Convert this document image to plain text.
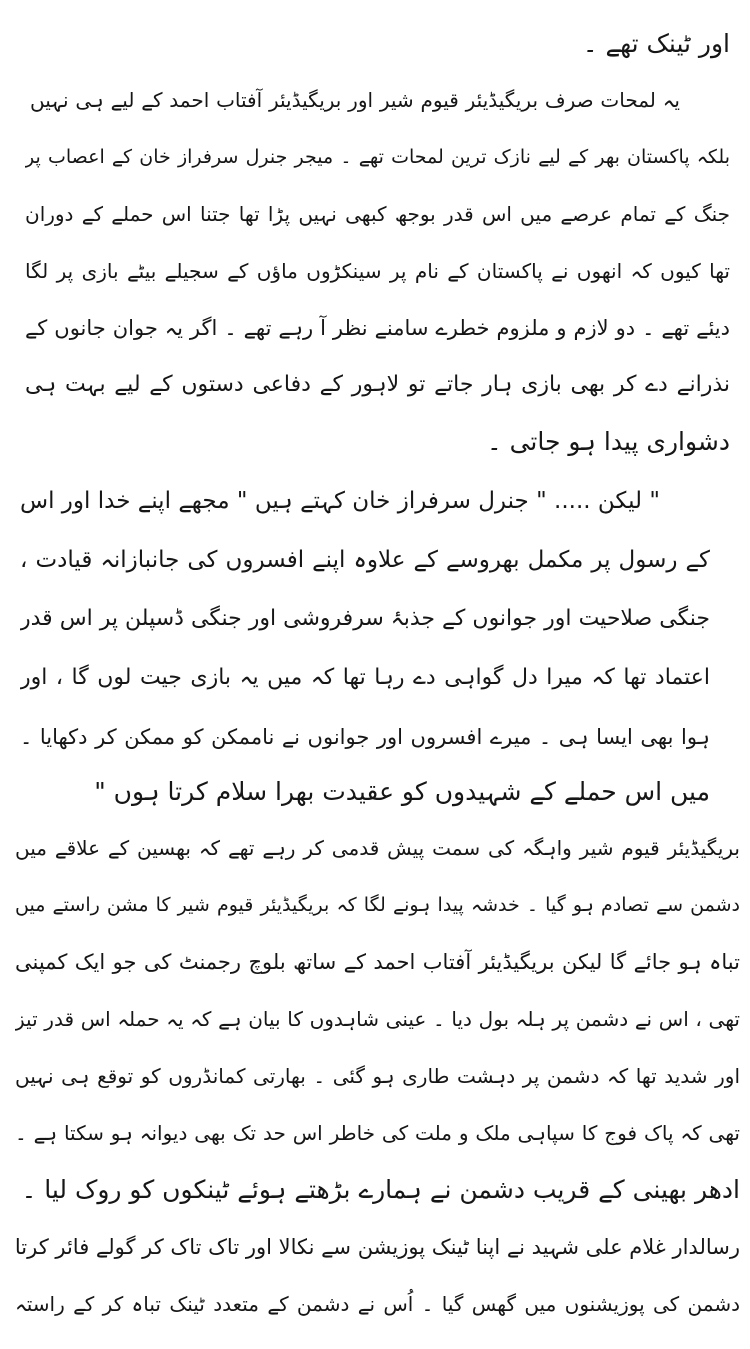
اور ٹینک تھے ۔
یہ لمحات صرف بریگیڈیئر قیوم شیر اور بریگیڈیئر آفتاب احمد کے لیے ہی نہیں
بلکہ پاکستان بھر کے لیے نازک ترین لمحات تھے ۔ میجر جنرل سرفراز خان کے اعصاب پر
جنگ کے تمام عرصے میں اس قدر بوجھ کبھی نہیں پڑا تھا جتنا اس حملے کے دوران
تھا کیوں کہ انھوں نے پاکستان کے نام پر سینکڑوں ماؤں کے سجیلے بیٹے بازی پر لگا
دیئے تھے ۔ دو لازم و ملزوم خطرے سامنے نظر آ رہے تھے ۔ اگر یہ جوان جانوں کے
نذرانے دے کر بھی بازی ہار جاتے تو لاہور کے دفاعی دستوں کے لیے بہت ہی
دشواری پیدا ہو جاتی ۔
" لیکن ..... " جنرل سرفراز خان کہتے ہیں " مجھے اپنے خدا اور اس
کے رسول پر مکمل بھروسے کے علاوہ اپنے افسروں کی جانبازانہ قیادت ،
جنگی صلاحیت اور جوانوں کے جذبۂ سرفروشی اور جنگی ڈسپلن پر اس قدر
اعتماد تھا کہ میرا دل گواہی دے رہا تھا کہ میں یہ بازی جیت لوں گا ، اور
ہوا بھی ایسا ہی ۔ میرے افسروں اور جوانوں نے ناممکن کو ممکن کر دکھایا ۔
میں اس حملے کے شہیدوں کو عقیدت بھرا سلام کرتا ہوں "
بریگیڈیئر قیوم شیر واہگہ کی سمت پیش قدمی کر رہے تھے کہ بھسین کے علاقے میں
دشمن سے تصادم ہو گیا ۔ خدشہ پیدا ہونے لگا کہ بریگیڈیئر قیوم شیر کا مشن راستے میں
تباہ ہو جائے گا لیکن بریگیڈیئر آفتاب احمد کے ساتھ بلوچ رجمنٹ کی جو ایک کمپنی
تھی ، اس نے دشمن پر ہلہ بول دیا ۔ عینی شاہدوں کا بیان ہے کہ یہ حملہ اس قدر تیز
اور شدید تھا کہ دشمن پر دہشت طاری ہو گئی ۔ بھارتی کمانڈروں کو توقع ہی نہیں
تھی کہ پاک فوج کا سپاہی ملک و ملت کی خاطر اس حد تک بھی دیوانہ ہو سکتا ہے ۔
ادھر بھینی کے قریب دشمن نے ہمارے بڑھتے ہوئے ٹینکوں کو روک لیا ۔
رسالدار غلام علی شہید نے اپنا ٹینک پوزیشن سے نکالا اور تاک تاک کر گولے فائر کرتا
دشمن کی پوزیشنوں میں گھس گیا ۔ اُس نے دشمن کے متعدد ٹینک تباہ کر کے راستہ
